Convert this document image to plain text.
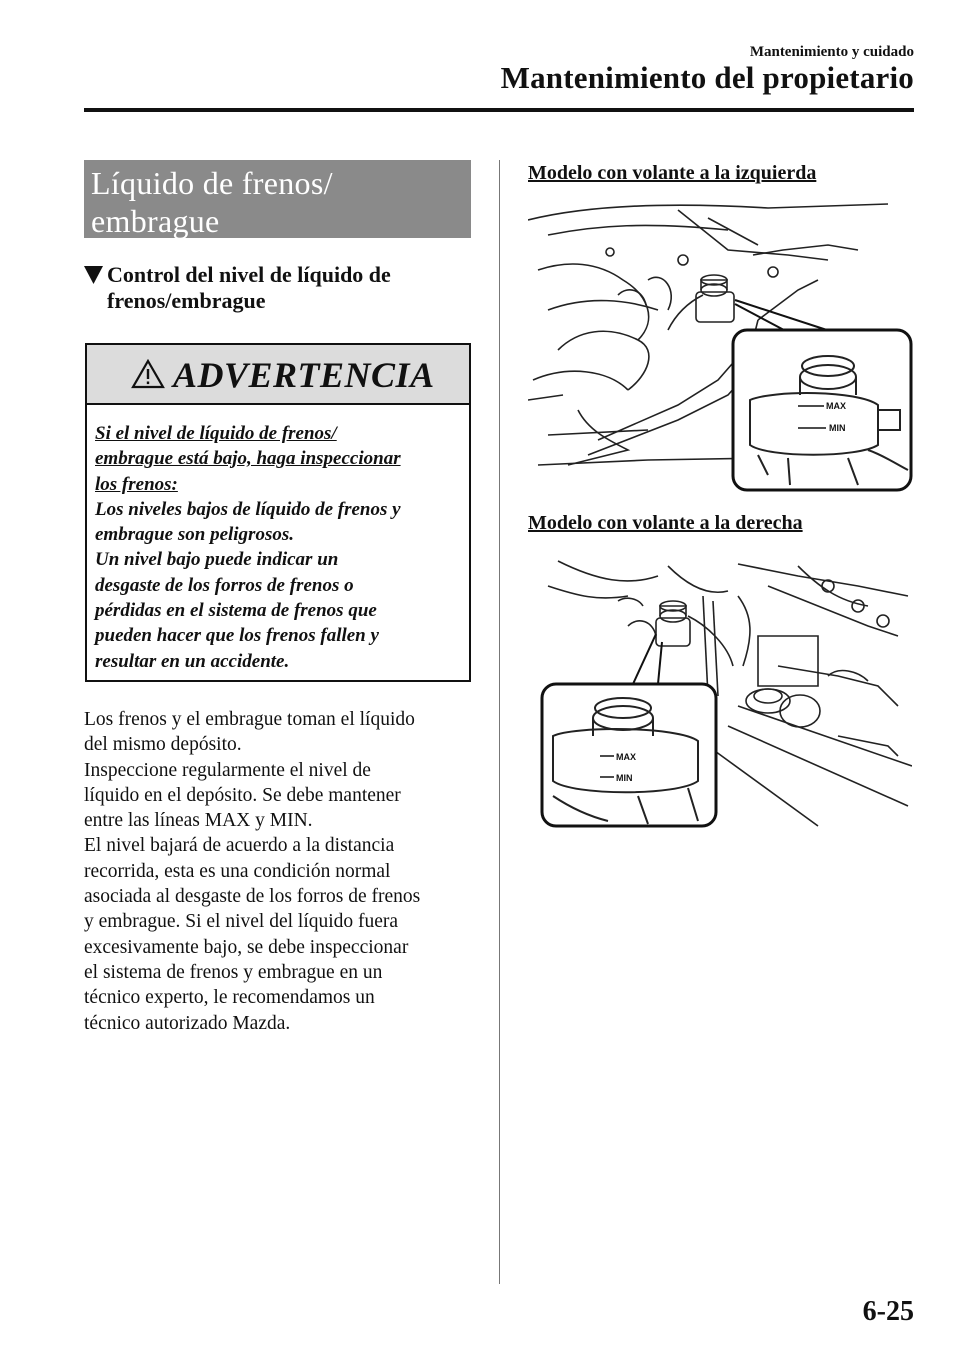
Mantenimiento y cuidado
Mantenimiento del propietario
Líquido de frenos/
embrague
Control del nivel de líquido de
frenos/embrague
ADVERTENCIA
Si el nivel de líquido de frenos/
embrague está bajo, haga inspeccionar
los frenos:
Los niveles bajos de líquido de frenos y
embrague son peligrosos.
Un nivel bajo puede indicar un
desgaste de los forros de frenos o
pérdidas en el sistema de frenos que
pueden hacer que los frenos fallen y
resultar en un accidente.
Los frenos y el embrague toman el líquido
del mismo depósito.
Inspeccione regularmente el nivel de
líquido en el depósito. Se debe mantener
entre las líneas MAX y MIN.
El nivel bajará de acuerdo a la distancia
recorrida, esta es una condición normal
asociada al desgaste de los forros de frenos
y embrague. Si el nivel del líquido fuera
excesivamente bajo, se debe inspeccionar
el sistema de frenos y embrague en un
técnico experto, le recomendamos un
técnico autorizado Mazda.
Modelo con volante a la izquierda
MAX
MIN
Modelo con volante a la derecha
MAX
MIN
6-25
